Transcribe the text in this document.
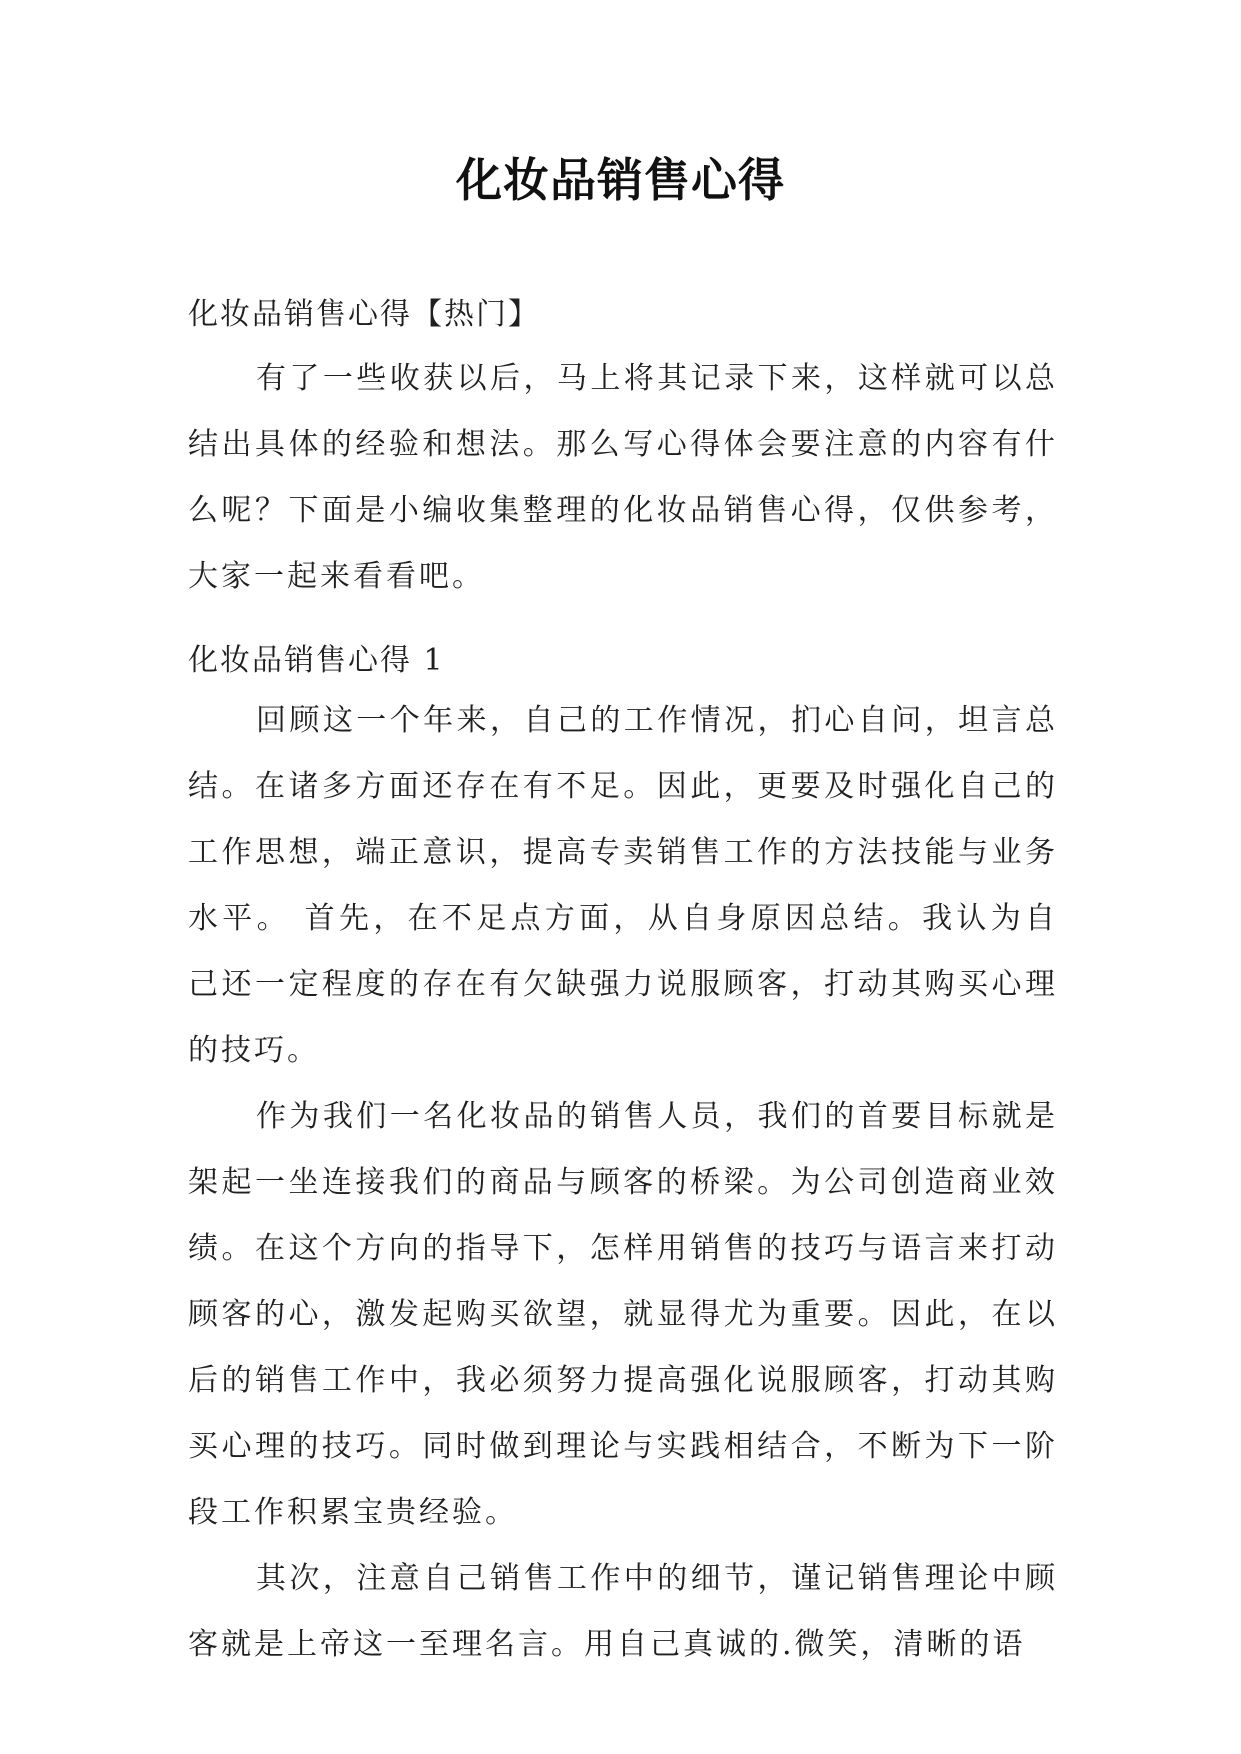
化妆品销售心得
化妆品销售心得【热门】

有了一些收获以后，马上将其记录下来，这样就可以总结出具体的经验和想法。那么写心得体会要注意的内容有什么呢？下面是小编收集整理的化妆品销售心得，仅供参考，大家一起来看看吧。

化妆品销售心得 1

回顾这一个年来，自己的工作情况，扪心自问，坦言总结。在诸多方面还存在有不足。因此，更要及时强化自己的工作思想，端正意识，提高专卖销售工作的方法技能与业务水平。 首先，在不足点方面，从自身原因总结。我认为自己还一定程度的存在有欠缺强力说服顾客，打动其购买心理的技巧。

作为我们一名化妆品的销售人员，我们的首要目标就是架起一坐连接我们的商品与顾客的桥梁。为公司创造商业效绩。在这个方向的指导下，怎样用销售的技巧与语言来打动顾客的心，激发起购买欲望，就显得尤为重要。因此，在以后的销售工作中，我必须努力提高强化说服顾客，打动其购买心理的技巧。同时做到理论与实践相结合，不断为下一阶段工作积累宝贵经验。

其次，注意自己销售工作中的细节，谨记销售理论中顾客就是上帝这一至理名言。用自己真诚的.微笑，清晰的语
